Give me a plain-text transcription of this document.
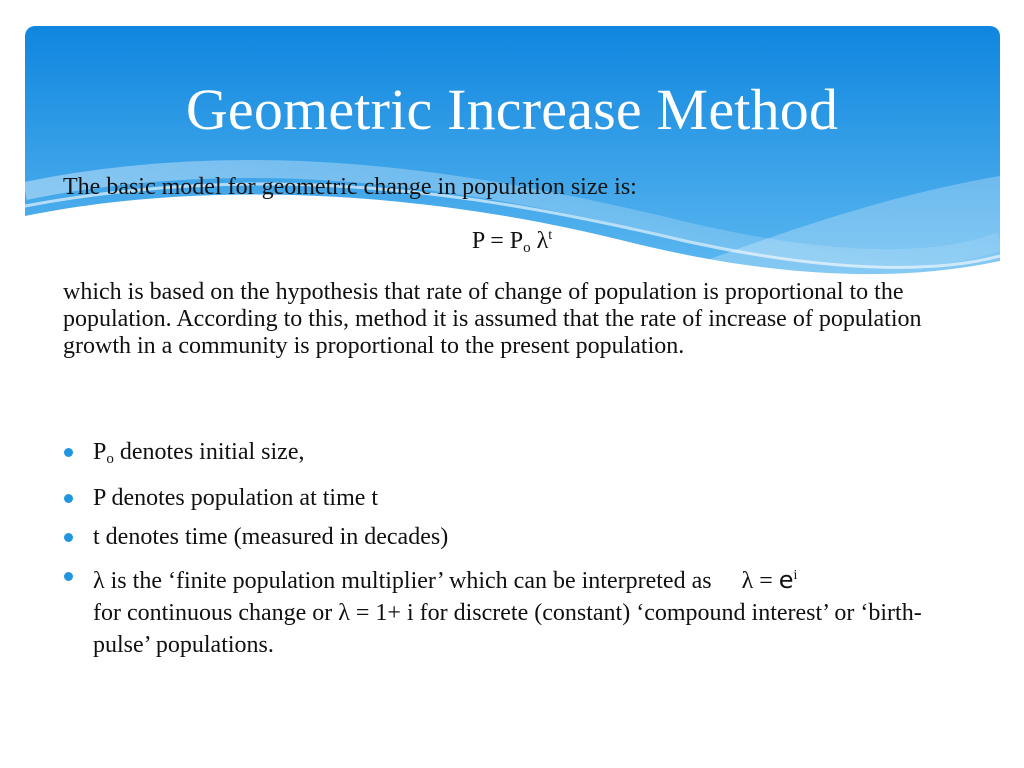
Geometric Increase Method
The basic model for geometric change in population size is:
$P = P_o$ $\lambda^t$
which is based on the hypothesis that rate of change of population is proportional to the population. According to this, method it is assumed that the rate of increase of population growth in a community is proportional to the present population.
$P_o$ denotes initial size,
P denotes population at time t
t denotes time (measured in decades)
λ is the ‘finite population multiplier’ which can be interpreted as     $\lambda = e^i$
for continuous change or λ = 1+ i for discrete (constant) ‘compound interest’ or ‘birth-pulse’ populations.
